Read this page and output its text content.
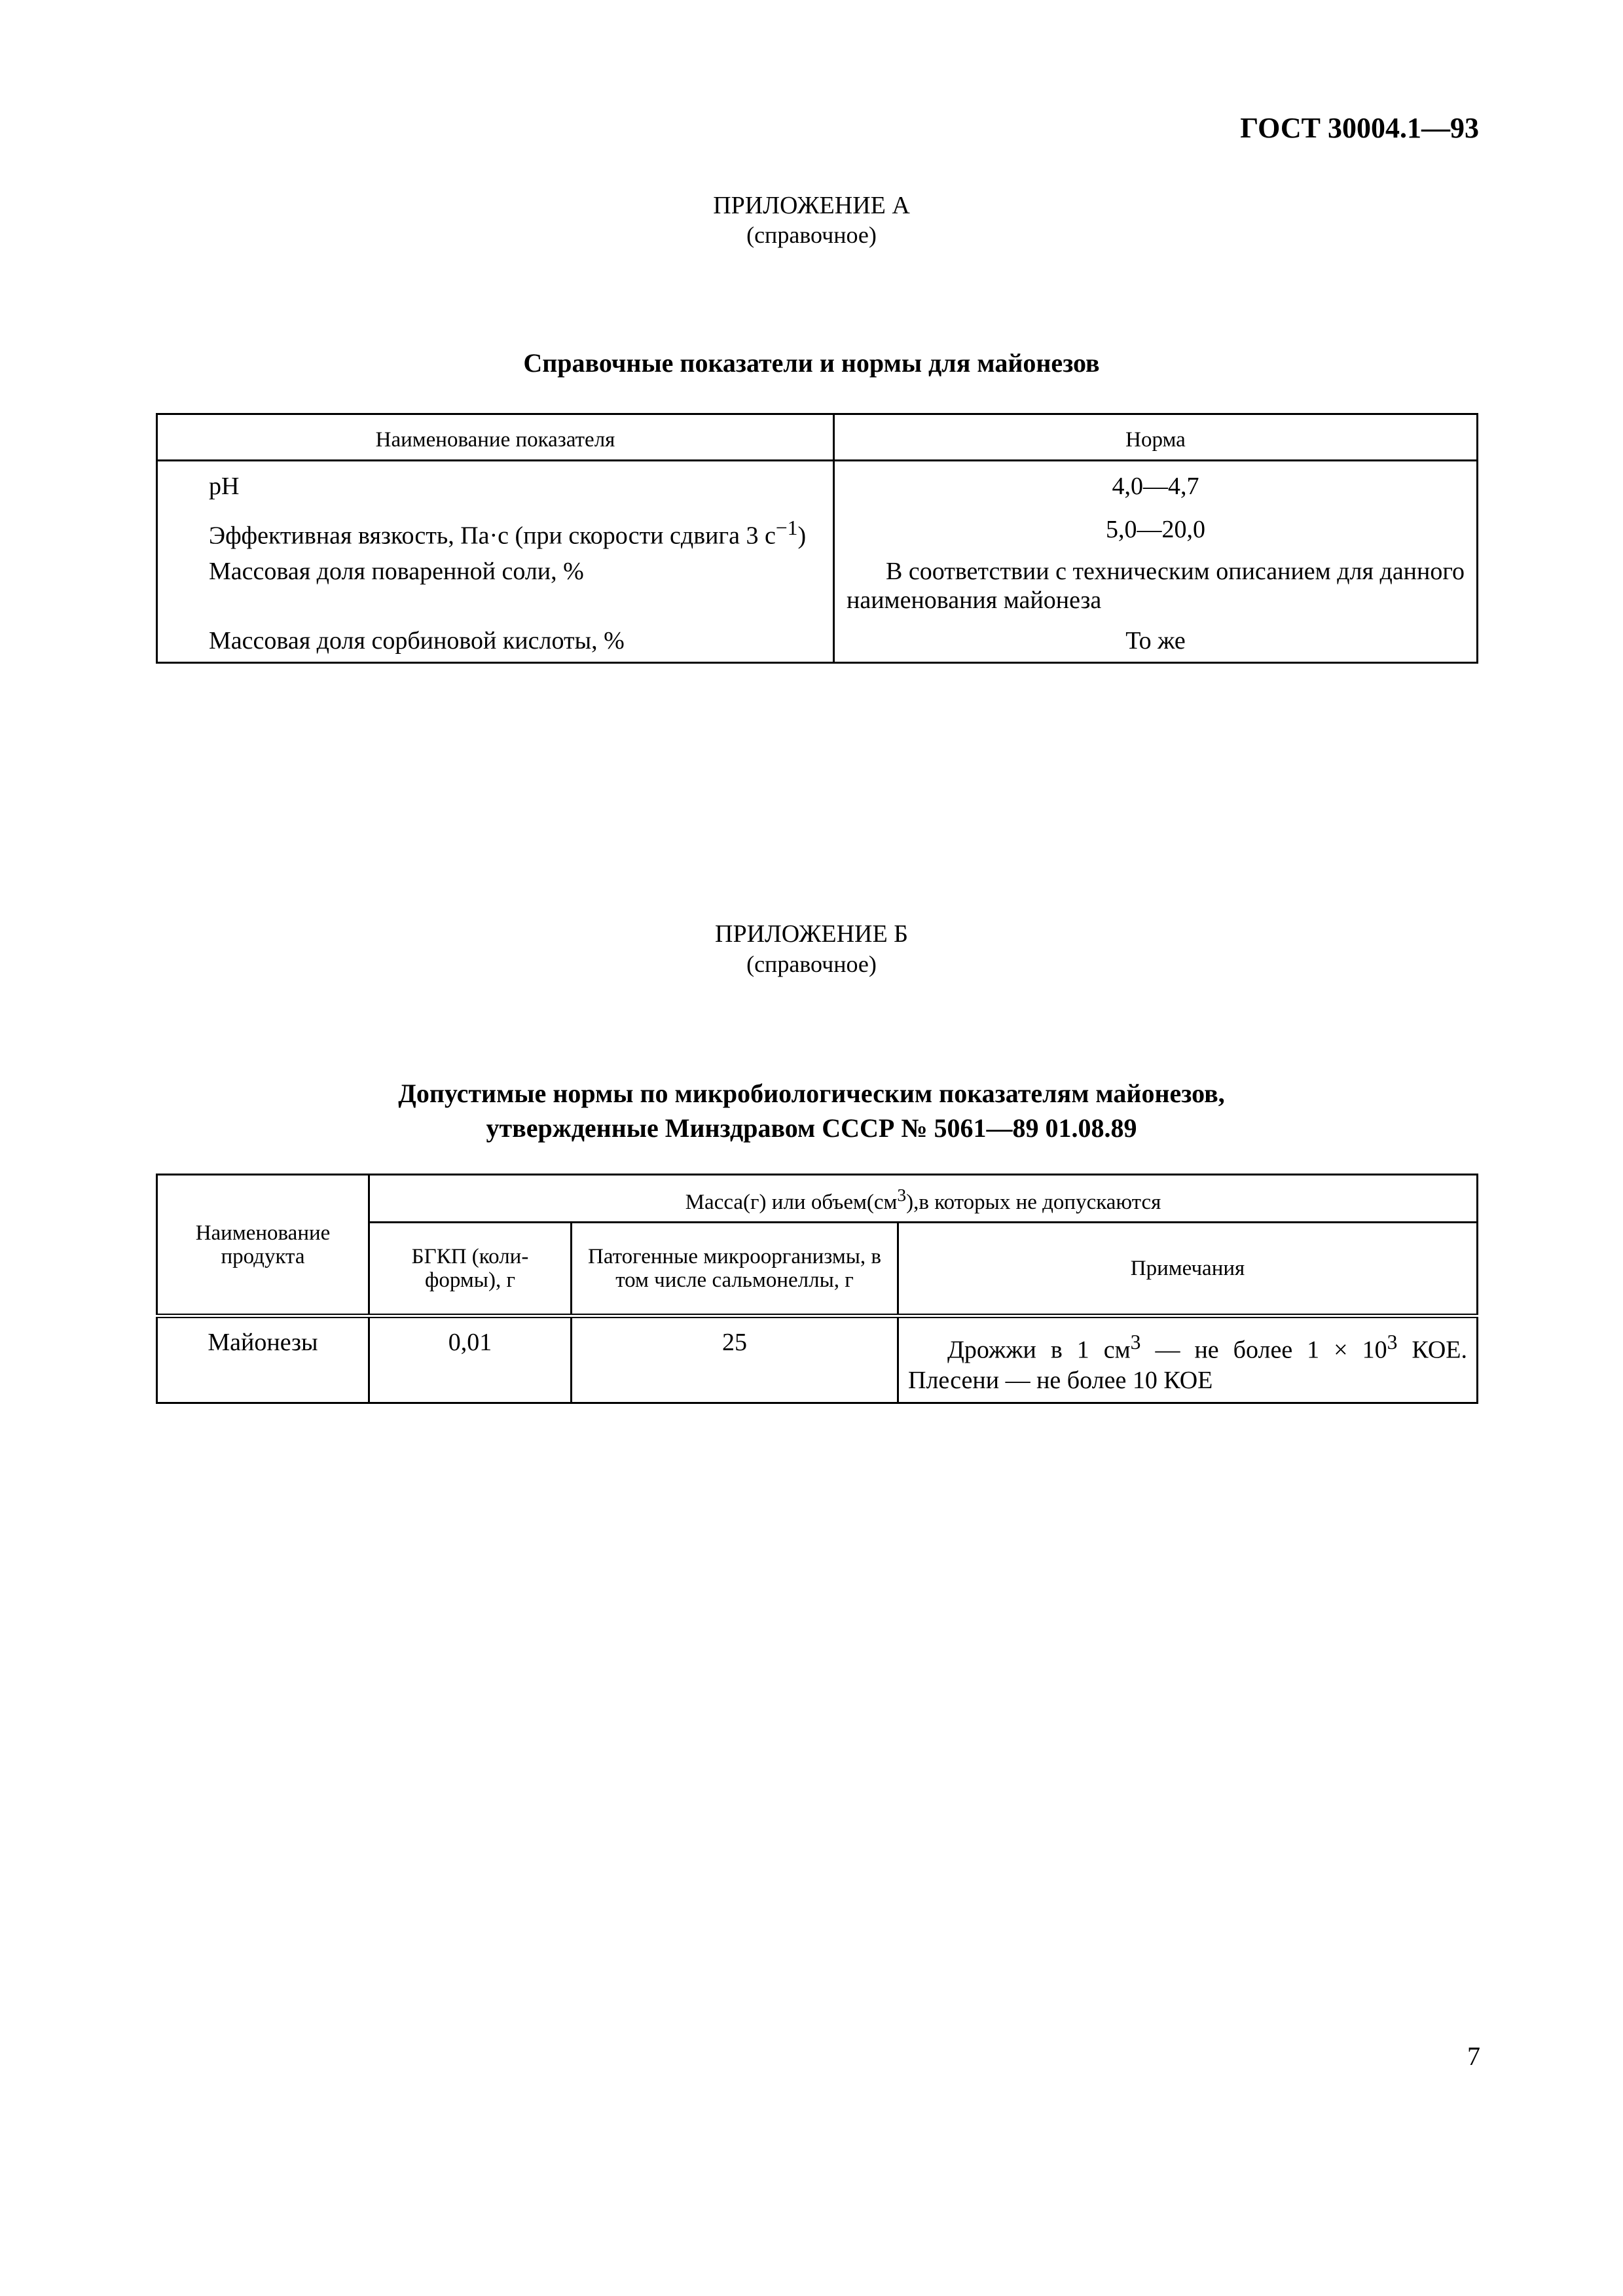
ГОСТ 30004.1—93
ПРИЛОЖЕНИЕ А
(справочное)
Справочные показатели и нормы для майонезов
Наименование показателя	Норма
pH	4,0—4,7
Эффективная вязкость, Па·с (при скорости сдвига 3 $с^{-1}$)	5,0—20,0
Массовая доля поваренной соли, %	В соответствии с техническим описанием для данного наименования майонеза
Массовая доля сорбиновой кислоты, %	То же
ПРИЛОЖЕНИЕ Б
(справочное)
Допустимые нормы по микробиологическим показателям майонезов,
утвержденные Минздравом СССР № 5061—89 01.08.89
Наименование продукта	Масса(г) или $объем(см^3),в$ которых не допускаются		
	БГКП (коли-формы), г	Патогенные микроорганизмы, в том числе сальмонеллы, г	Примечания
Майонезы	0,01	25	Дрожжи в 1 $см^3$ — не более $1 \times 10^3$ КОЕ. Плесени — не более 10 КОЕ
7
